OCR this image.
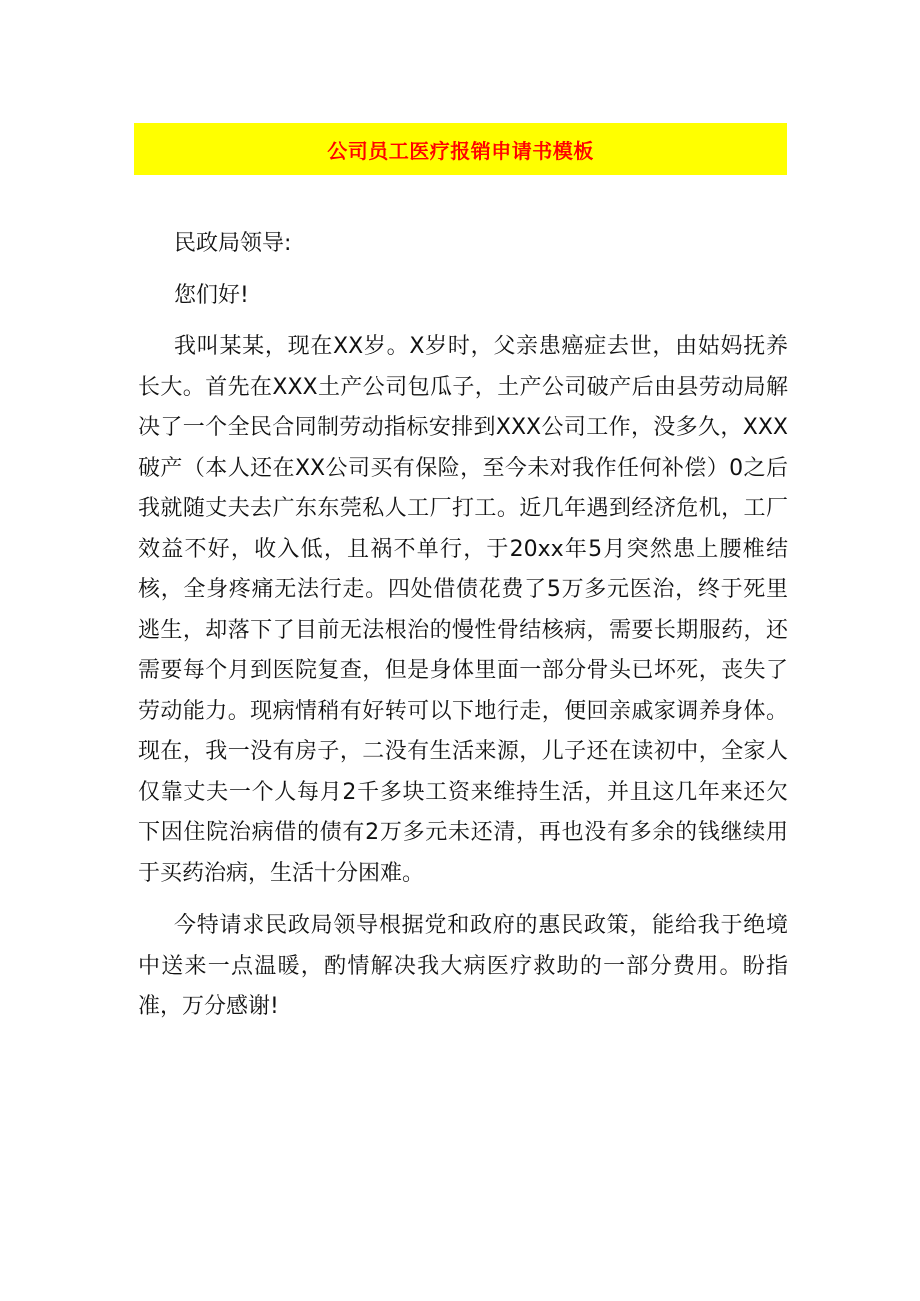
公司员工医疗报销申请书模板

民政局领导:

您们好!

我叫某某，现在XX岁。X岁时，父亲患癌症去世，由姑妈抚养长大。首先在XXX土产公司包瓜子，土产公司破产后由县劳动局解决了一个全民合同制劳动指标安排到XXX公司工作，没多久，XXX破产（本人还在XX公司买有保险，至今未对我作任何补偿）0之后我就随丈夫去广东东莞私人工厂打工。近几年遇到经济危机，工厂效益不好，收入低，且祸不单行，于20xx年5月突然患上腰椎结核，全身疼痛无法行走。四处借债花费了5万多元医治，终于死里逃生，却落下了目前无法根治的慢性骨结核病，需要长期服药，还需要每个月到医院复查，但是身体里面一部分骨头已坏死，丧失了劳动能力。现病情稍有好转可以下地行走，便回亲戚家调养身体。现在，我一没有房子，二没有生活来源，儿子还在读初中，全家人仅靠丈夫一个人每月2千多块工资来维持生活，并且这几年来还欠下因住院治病借的债有2万多元未还清，再也没有多余的钱继续用于买药治病，生活十分困难。

今特请求民政局领导根据党和政府的惠民政策，能给我于绝境中送来一点温暖，酌情解决我大病医疗救助的一部分费用。盼指准，万分感谢!
